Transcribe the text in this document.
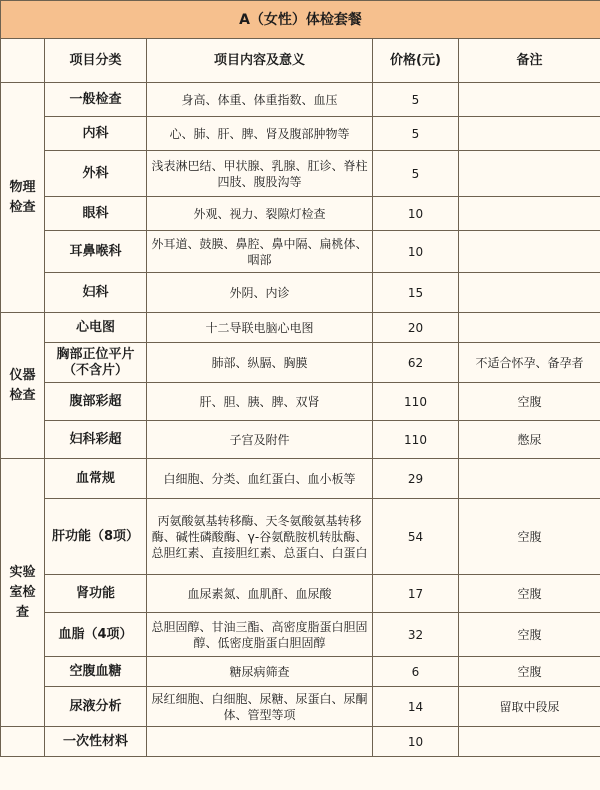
A（女性）体检套餐				
	项目分类	项目内容及意义	价格(元)	备注
物理检查	一般检查	身高、体重、体重指数、血压	5	
	内科	心、肺、肝、脾、肾及腹部肿物等	5	
	外科	浅表淋巴结、甲状腺、乳腺、肛诊、脊柱四肢、腹股沟等	5	
	眼科	外观、视力、裂隙灯检查	10	
	耳鼻喉科	外耳道、鼓膜、鼻腔、鼻中隔、扁桃体、咽部	10	
	妇科	外阴、内诊	15	
仪器检查	心电图	十二导联电脑心电图	20	
	胸部正位平片（不含片）	肺部、纵膈、胸膜	62	不适合怀孕、备孕者
	腹部彩超	肝、胆、胰、脾、双肾	110	空腹
	妇科彩超	子宫及附件	110	憋尿
实验室检查	血常规	白细胞、分类、血红蛋白、血小板等	29	
	肝功能（8项）	丙氨酸氨基转移酶、天冬氨酸氨基转移酶、碱性磷酸酶、γ-谷氨酰胺机转肽酶、总胆红素、直接胆红素、总蛋白、白蛋白	54	空腹
	肾功能	血尿素氮、血肌酐、血尿酸	17	空腹
	血脂（4项）	总胆固醇、甘油三酯、高密度脂蛋白胆固醇、低密度脂蛋白胆固醇	32	空腹
	空腹血糖	糖尿病筛查	6	空腹
	尿液分析	尿红细胞、白细胞、尿糖、尿蛋白、尿酮体、管型等项	14	留取中段尿
	一次性材料		10	
